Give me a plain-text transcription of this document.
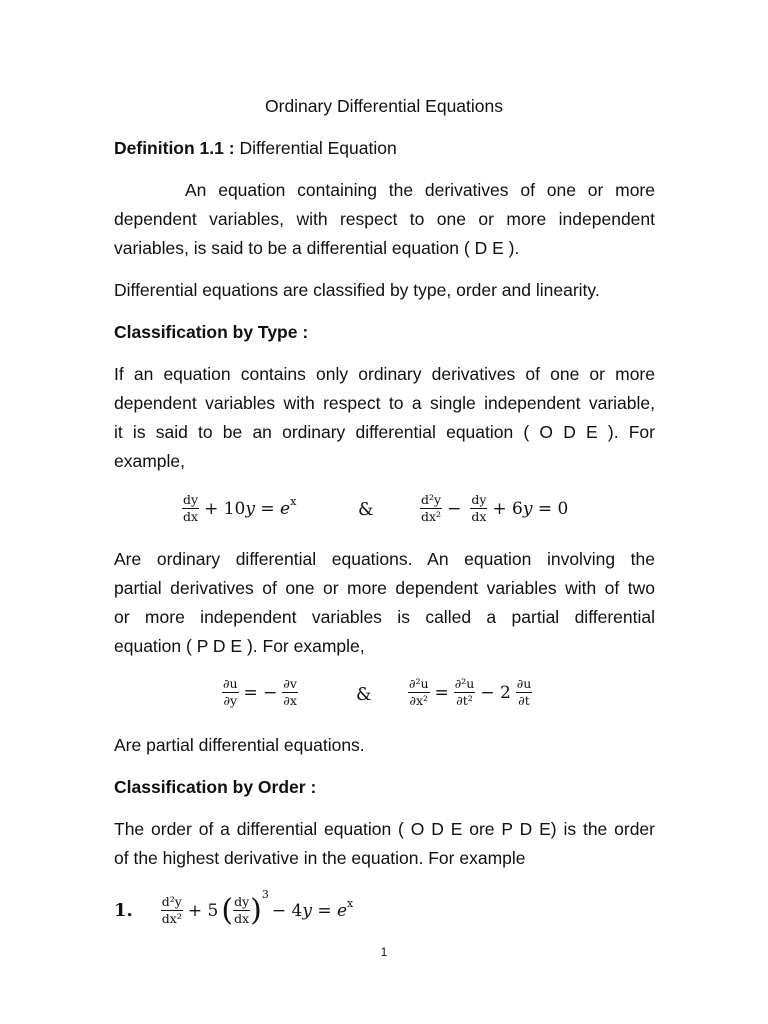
Ordinary Differential Equations
Definition 1.1 : Differential Equation
An equation containing the derivatives of one or more
dependent variables, with respect to one or more independent
variables, is said to be a differential equation ( D E ).
Differential equations are classified by type, order and linearity.
Classification by Type :
If an equation contains only ordinary derivatives of one or more
dependent variables with respect to a single independent variable,
it is said to be an ordinary differential equation ( O D E ). For
example,
$\frac{dy}{dx}$ + 10𝑦 = 𝑒 x	&	$\frac{\text{d²y}}{\text{dx²}} - \frac{dy}{dx}$ + 6𝑦 = 0
Are ordinary differential equations. An equation involving the
partial derivatives of one or more dependent variables with of two
or more independent variables is called a partial differential
equation ( P D E ). For example,
$\frac{\partial u}{\partial y}$ = − $\frac{\partial v}{\partial x}$	&	$\frac{\text{∂²u}}{\text{∂x²}} = \frac{\text{∂²u}}{\text{∂t²}} - 2 \frac{\partial u}{\partial t}$
Are partial differential equations.
Classification by Order :
The order of a differential equation ( O D E ore P D E) is the order
of the highest derivative in the equation. For example
1. $\frac{\text{d²y}}{\text{dx²}} + 5$ ( $\frac{dy}{dx}$ ) 3
− 4𝑦 = 𝑒 x
1
